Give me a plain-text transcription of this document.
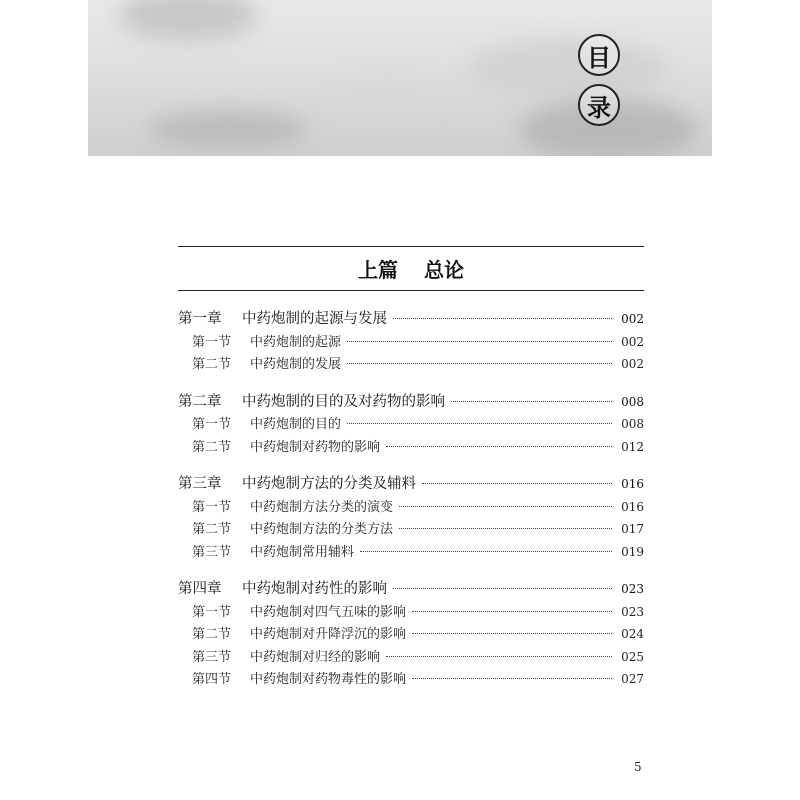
目
录
上篇 总论
第一章	中药炮制的起源与发展	002
第一节	中药炮制的起源	002
第二节	中药炮制的发展	002
第二章	中药炮制的目的及对药物的影响	008
第一节	中药炮制的目的	008
第二节	中药炮制对药物的影响	012
第三章	中药炮制方法的分类及辅料	016
第一节	中药炮制方法分类的演变	016
第二节	中药炮制方法的分类方法	017
第三节	中药炮制常用辅料	019
第四章	中药炮制对药性的影响	023
第一节	中药炮制对四气五味的影响	023
第二节	中药炮制对升降浮沉的影响	024
第三节	中药炮制对归经的影响	025
第四节	中药炮制对药物毒性的影响	027
5
